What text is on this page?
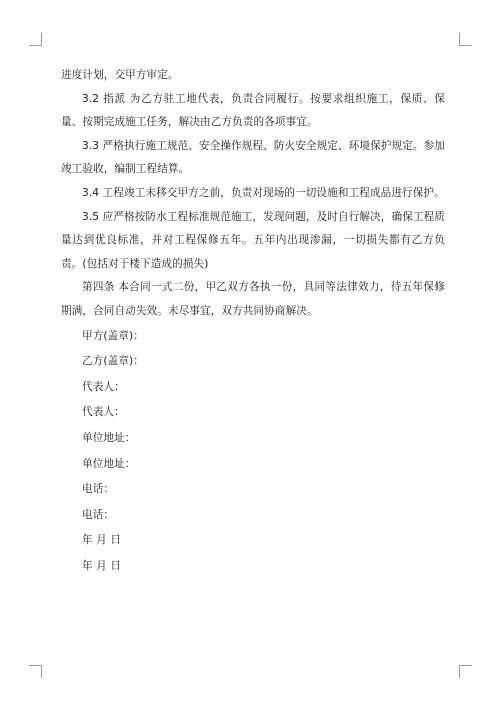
进度计划，交甲方审定。

3.2 指派 为乙方驻工地代表，负责合同履行。按要求组织施工，保质、保量、按期完成施工任务，解决由乙方负责的各项事宜。

3.3 严格执行施工规范、安全操作规程、防火安全规定、环境保护规定。参加竣工验收，编制工程结算。

3.4 工程竣工未移交甲方之前，负责对现场的一切设施和工程成品进行保护。

3.5 应严格按防水工程标准规范施工，发现问题，及时自行解决，确保工程质量达到优良标准，并对工程保修五年。五年内出现渗漏，一切损失都有乙方负责。(包括对于楼下造成的损失)

第四条 本合同一式二份，甲乙双方各执一份，具同等法律效力，待五年保修期满，合同自动失效。未尽事宜，双方共同协商解决。

甲方(盖章)：

乙方(盖章)：

代表人：

代表人：

单位地址：

单位地址：

电话：

电话：

年 月 日

年 月 日
